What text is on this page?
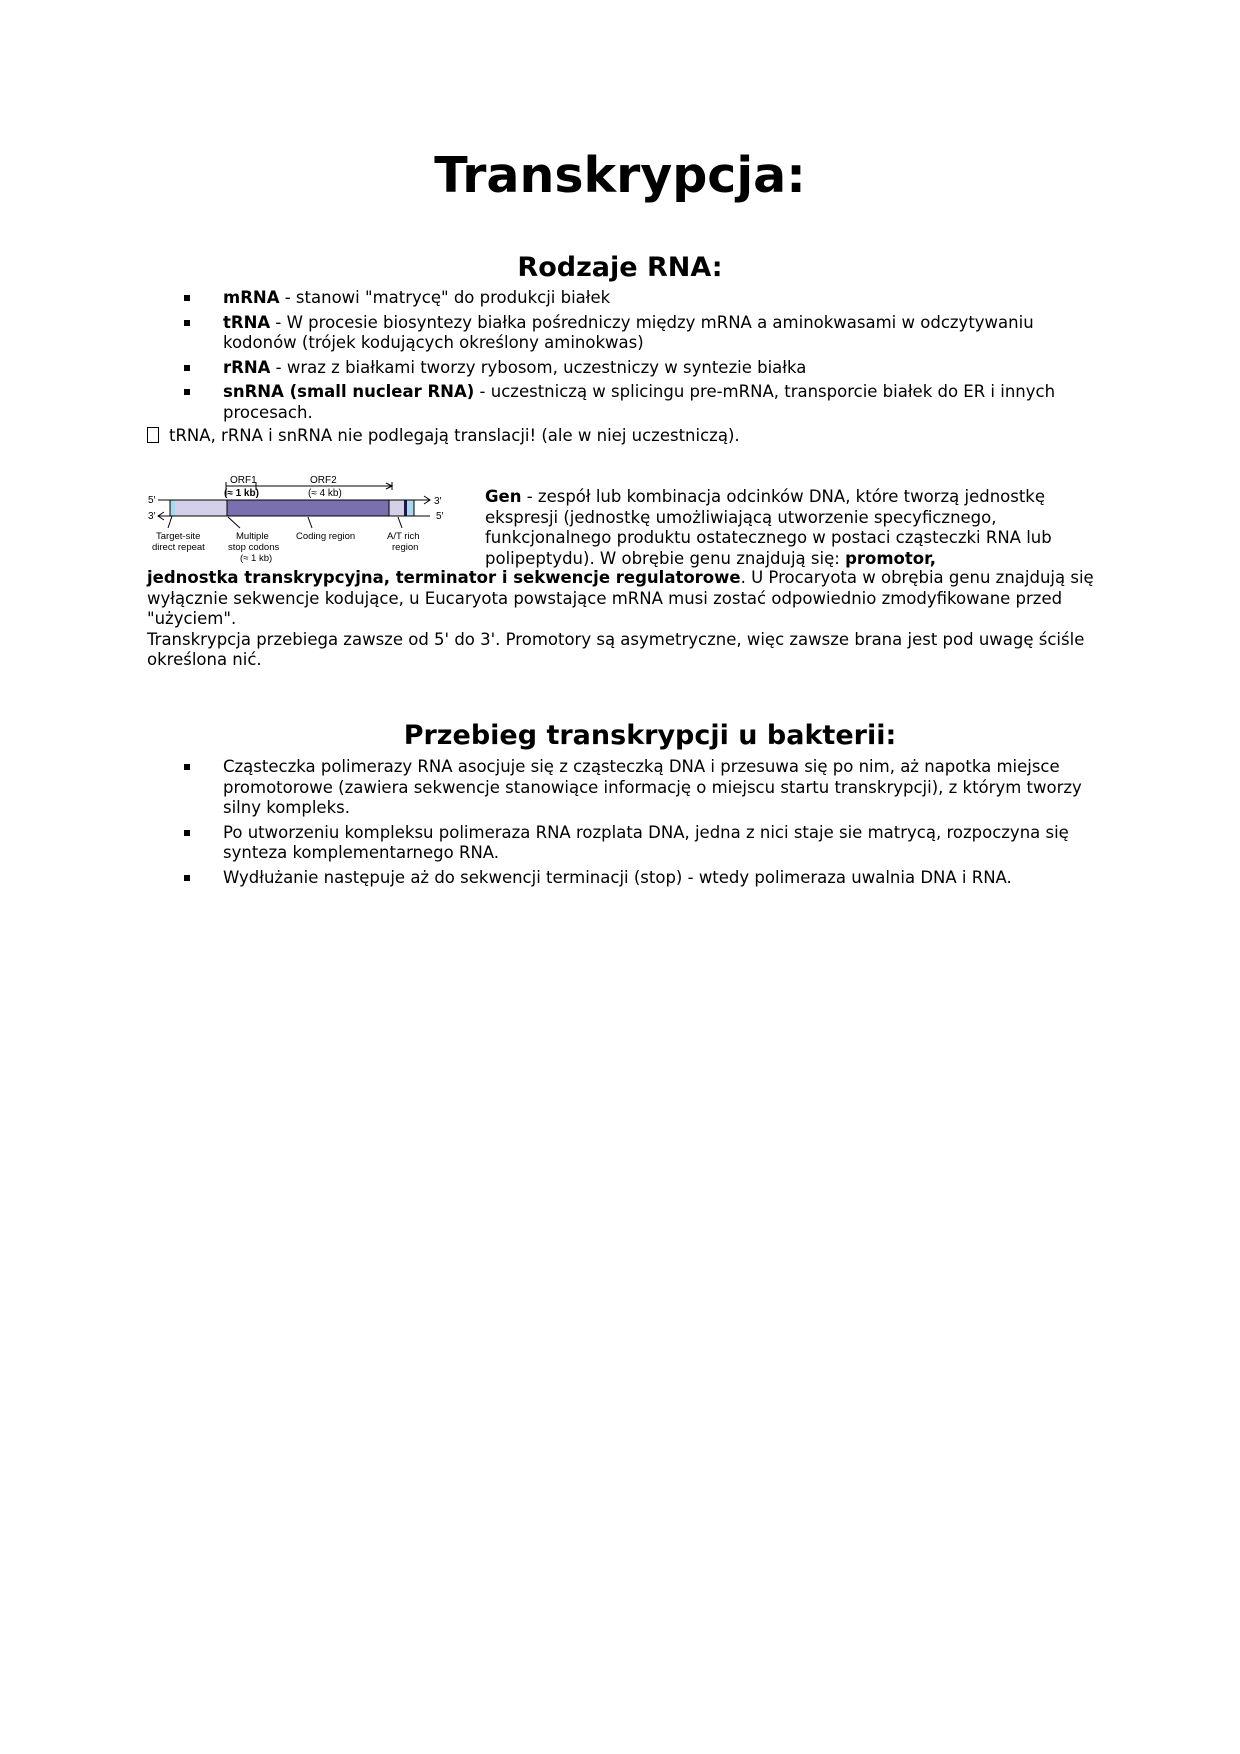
Transkrypcja:
Rodzaje RNA:
mRNA - stanowi "matrycę" do produkcji białek
tRNA - W procesie biosyntezy białka pośredniczy między mRNA a aminokwasami w odczytywaniu kodonów (trójek kodujących określony aminokwas)
rRNA - wraz z białkami tworzy rybosom, uczestniczy w syntezie białka
snRNA (small nuclear RNA) - uczestniczą w splicingu pre-mRNA, transporcie białek do ER i innych procesach.
tRNA, rRNA i snRNA nie podlegają translacji! (ale w niej uczestniczą).
ORF1
(≈ 1 kb)
ORF2
(≈ 4 kb)
5′	3′
3′	5′
Target-site
direct repeat
Multiple
stop codons
(≈ 1 kb)
Coding region	A/T rich
region

Gen - zespół lub kombinacja odcinków DNA, które tworzą jednostkę ekspresji (jednostkę umożliwiającą utworzenie specyficznego, funkcjonalnego produktu ostatecznego w postaci cząsteczki RNA lub polipeptydu). W obrębie genu znajdują się: promotor,

jednostka transkrypcyjna, terminator i sekwencje regulatorowe. U Procaryota w obrębia genu znajdują się wyłącznie sekwencje kodujące, u Eucaryota powstające mRNA musi zostać odpowiednio zmodyfikowane przed "użyciem".

Transkrypcja przebiega zawsze od 5' do 3'. Promotory są asymetryczne, więc zawsze brana jest pod uwagę ściśle określona nić.

Przebieg transkrypcji u bakterii:
Cząsteczka polimerazy RNA asocjuje się z cząsteczką DNA i przesuwa się po nim, aż napotka miejsce promotorowe (zawiera sekwencje stanowiące informację o miejscu startu transkrypcji), z którym tworzy silny kompleks.
Po utworzeniu kompleksu polimeraza RNA rozplata DNA, jedna z nici staje sie matrycą, rozpoczyna się synteza komplementarnego RNA.
Wydłużanie następuje aż do sekwencji terminacji (stop) - wtedy polimeraza uwalnia DNA i RNA.
